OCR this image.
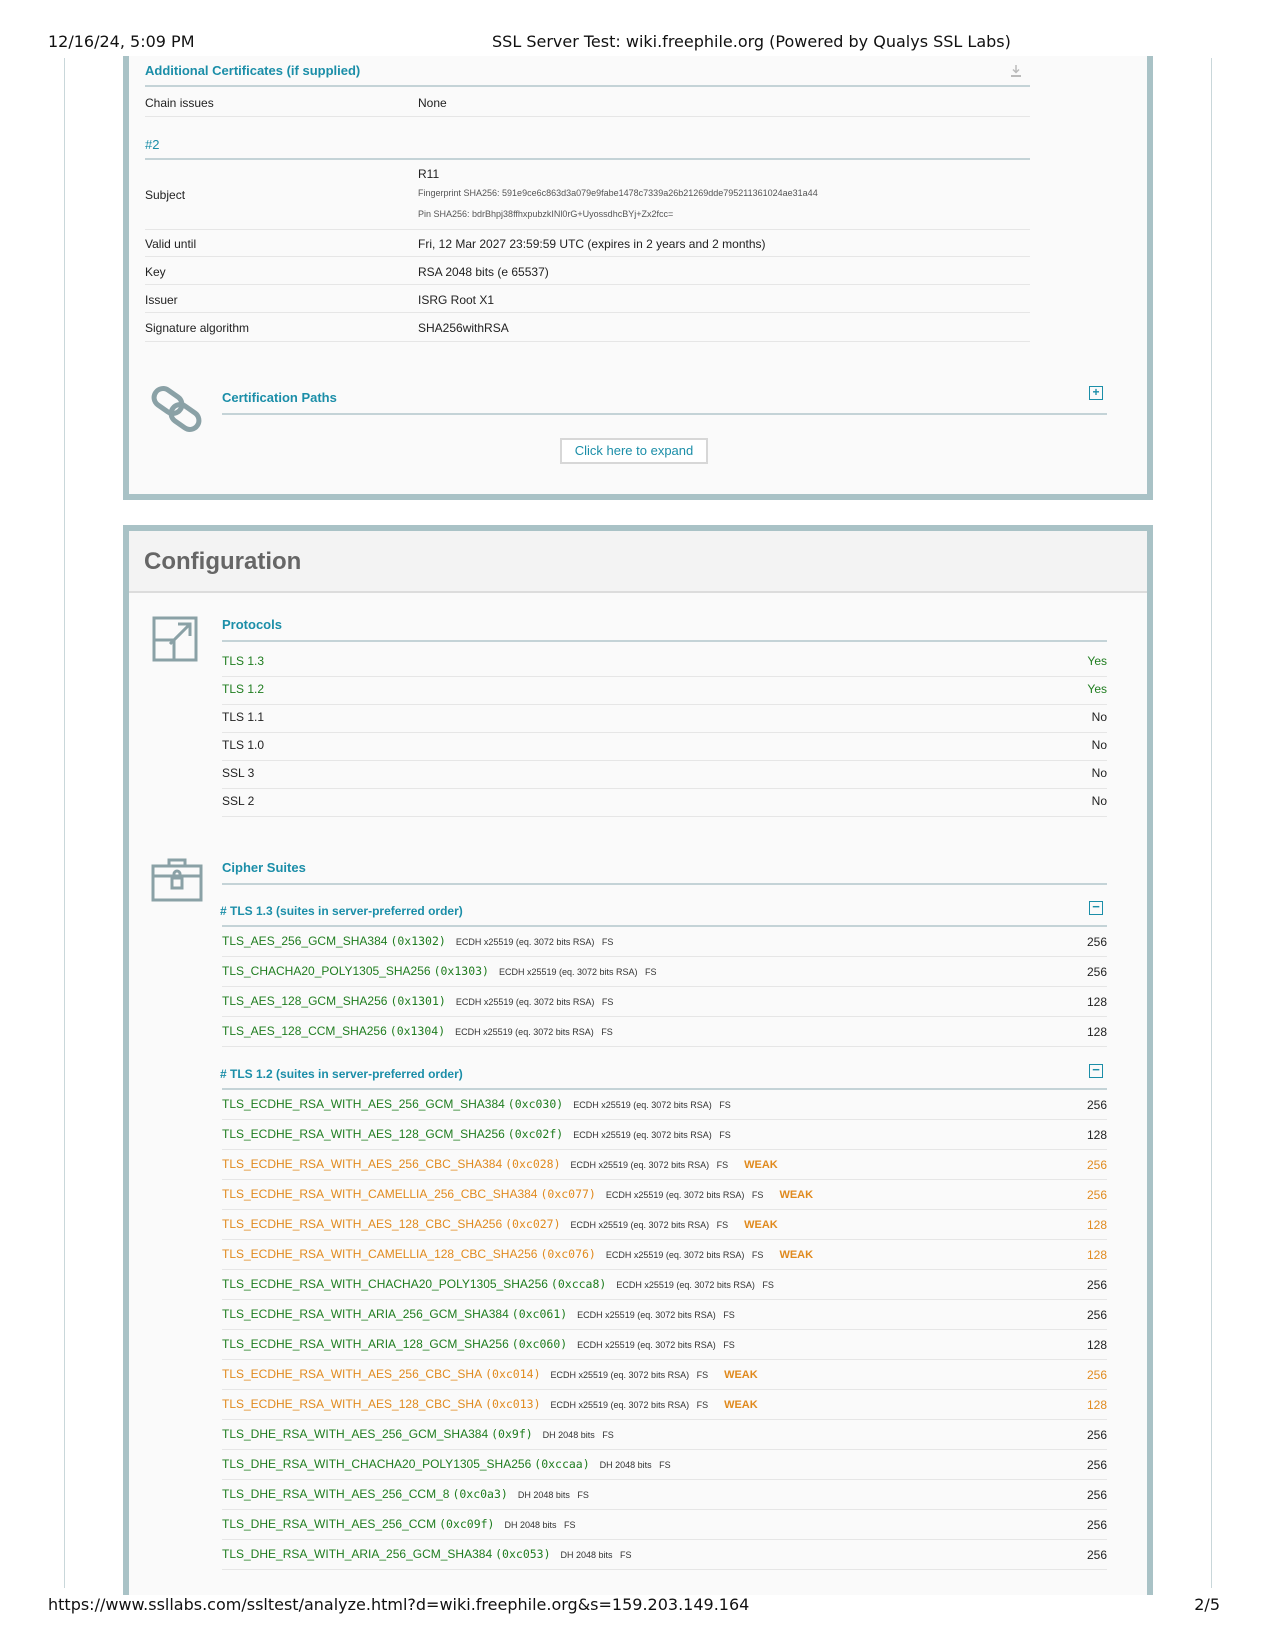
12/16/24, 5:09 PM	SSL Server Test: wiki.freephile.org (Powered by Qualys SSL Labs)
Additional Certificates (if supplied)
Chain issues	None
#2
Subject
R11
Fingerprint SHA256: 591e9ce6c863d3a079e9fabe1478c7339a26b21269dde795211361024ae31a44
Pin SHA256: bdrBhpj38ffhxpubzkINl0rG+UyossdhcBYj+Zx2fcc=
Valid until	Fri, 12 Mar 2027 23:59:59 UTC (expires in 2 years and 2 months)
Key	RSA 2048 bits (e 65537)
Issuer	ISRG Root X1
Signature algorithm	SHA256withRSA
Certification Paths	+
Click here to expand
Configuration
Protocols
TLS 1.3	Yes
TLS 1.2	Yes
TLS 1.1	No
TLS 1.0	No
SSL 3	No
SSL 2	No
Cipher Suites
# TLS 1.3 (suites in server-preferred order)	−
TLS_AES_256_GCM_SHA384 (0x1302) ECDH x25519 (eq. 3072 bits RSA)   FS	256
TLS_CHACHA20_POLY1305_SHA256 (0x1303) ECDH x25519 (eq. 3072 bits RSA)   FS	256
TLS_AES_128_GCM_SHA256 (0x1301) ECDH x25519 (eq. 3072 bits RSA)   FS	128
TLS_AES_128_CCM_SHA256 (0x1304) ECDH x25519 (eq. 3072 bits RSA)   FS	128
# TLS 1.2 (suites in server-preferred order)	−
TLS_ECDHE_RSA_WITH_AES_256_GCM_SHA384 (0xc030) ECDH x25519 (eq. 3072 bits RSA)   FS	256
TLS_ECDHE_RSA_WITH_AES_128_GCM_SHA256 (0xc02f) ECDH x25519 (eq. 3072 bits RSA)   FS	128
TLS_ECDHE_RSA_WITH_AES_256_CBC_SHA384 (0xc028) ECDH x25519 (eq. 3072 bits RSA)   FS WEAK	256
TLS_ECDHE_RSA_WITH_CAMELLIA_256_CBC_SHA384 (0xc077) ECDH x25519 (eq. 3072 bits RSA)   FS WEAK	256
TLS_ECDHE_RSA_WITH_AES_128_CBC_SHA256 (0xc027) ECDH x25519 (eq. 3072 bits RSA)   FS WEAK	128
TLS_ECDHE_RSA_WITH_CAMELLIA_128_CBC_SHA256 (0xc076) ECDH x25519 (eq. 3072 bits RSA)   FS WEAK	128
TLS_ECDHE_RSA_WITH_CHACHA20_POLY1305_SHA256 (0xcca8) ECDH x25519 (eq. 3072 bits RSA)   FS	256
TLS_ECDHE_RSA_WITH_ARIA_256_GCM_SHA384 (0xc061) ECDH x25519 (eq. 3072 bits RSA)   FS	256
TLS_ECDHE_RSA_WITH_ARIA_128_GCM_SHA256 (0xc060) ECDH x25519 (eq. 3072 bits RSA)   FS	128
TLS_ECDHE_RSA_WITH_AES_256_CBC_SHA (0xc014) ECDH x25519 (eq. 3072 bits RSA)   FS WEAK	256
TLS_ECDHE_RSA_WITH_AES_128_CBC_SHA (0xc013) ECDH x25519 (eq. 3072 bits RSA)   FS WEAK	128
TLS_DHE_RSA_WITH_AES_256_GCM_SHA384 (0x9f) DH 2048 bits   FS	256
TLS_DHE_RSA_WITH_CHACHA20_POLY1305_SHA256 (0xccaa) DH 2048 bits   FS	256
TLS_DHE_RSA_WITH_AES_256_CCM_8 (0xc0a3) DH 2048 bits   FS	256
TLS_DHE_RSA_WITH_AES_256_CCM (0xc09f) DH 2048 bits   FS	256
TLS_DHE_RSA_WITH_ARIA_256_GCM_SHA384 (0xc053) DH 2048 bits   FS	256
https://www.ssllabs.com/ssltest/analyze.html?d=wiki.freephile.org&s=159.203.149.164	2/5
